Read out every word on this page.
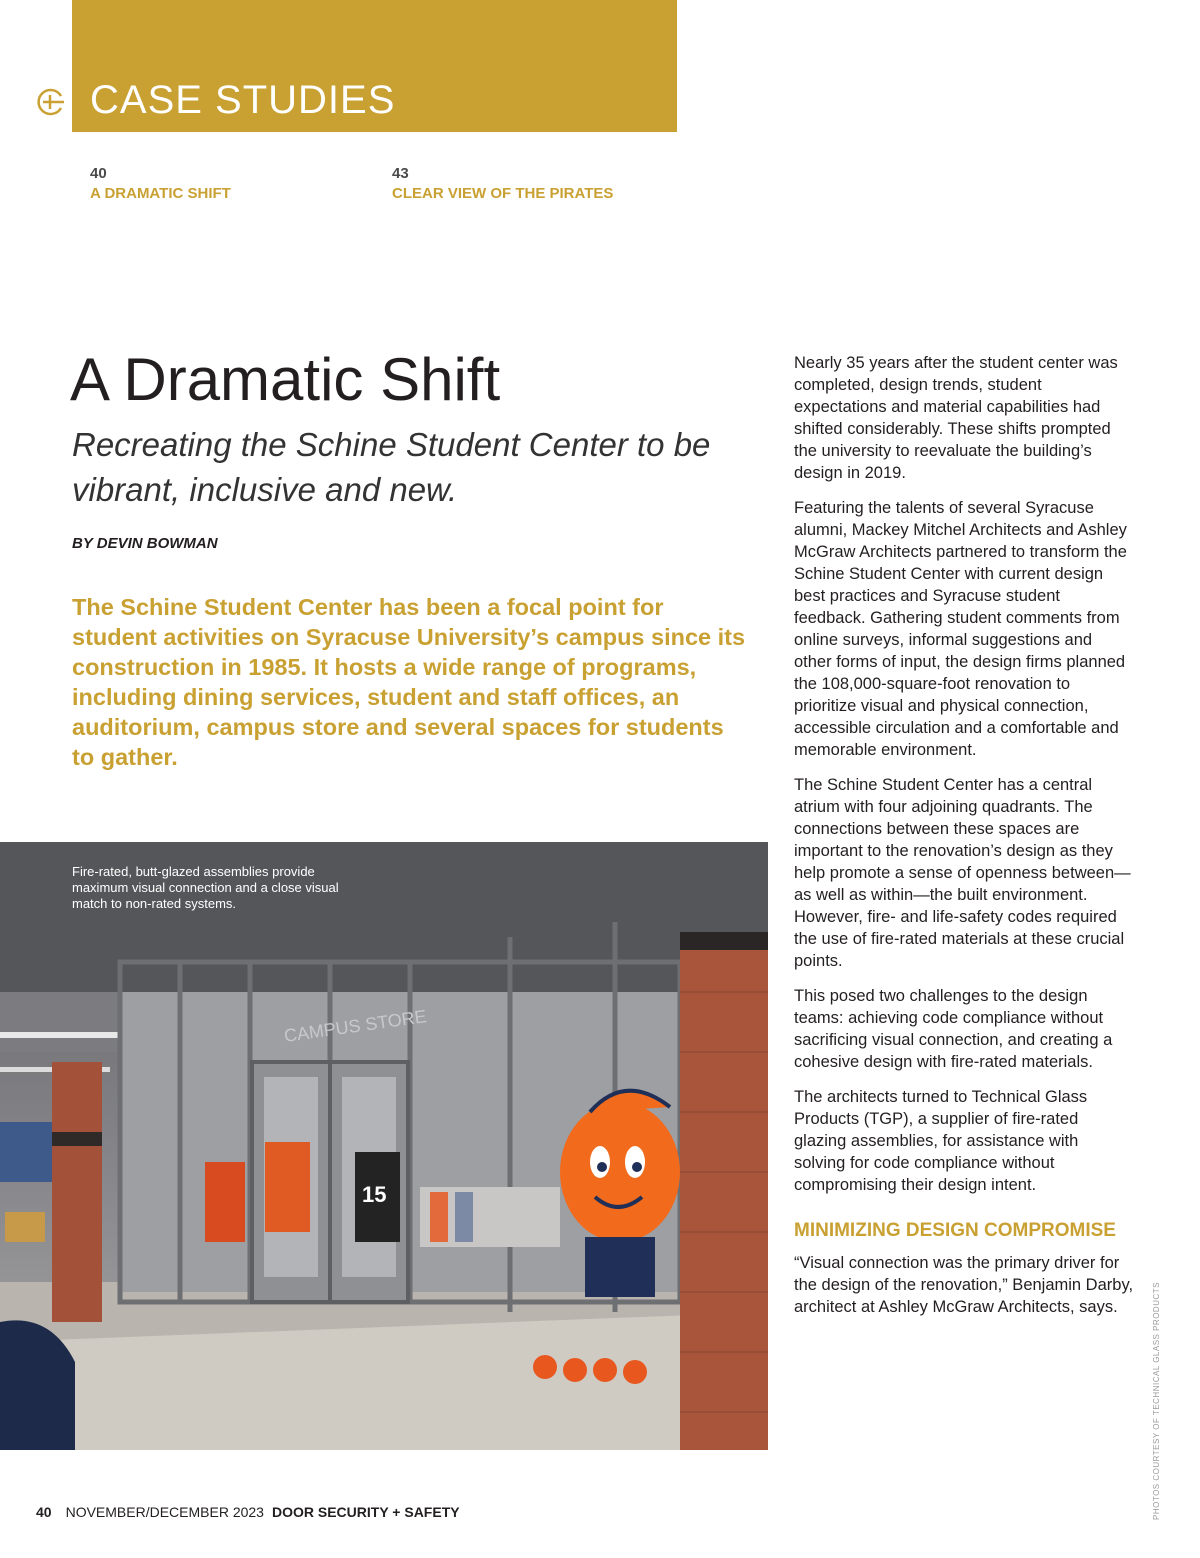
CASE STUDIES
40
A DRAMATIC SHIFT
43
CLEAR VIEW OF THE PIRATES
A Dramatic Shift
Recreating the Schine Student Center to be vibrant, inclusive and new.
BY DEVIN BOWMAN
The Schine Student Center has been a focal point for student activities on Syracuse University’s campus since its construction in 1985. It hosts a wide range of programs, including dining services, student and staff offices, an auditorium, campus store and several spaces for students to gather.
CAMPUS STORE
15
Fire-rated, butt-glazed assemblies provide maximum visual connection and a close visual match to non-rated systems.

Nearly 35 years after the student center was completed, design trends, student expectations and material capabilities had shifted considerably. These shifts prompted the university to reevaluate the building’s design in 2019.

Featuring the talents of several Syracuse alumni, Mackey Mitchel Architects and Ashley McGraw Architects partnered to transform the Schine Student Center with current design best practices and Syracuse student feedback. Gathering student comments from online surveys, informal suggestions and other forms of input, the design firms planned the 108,000-square-foot renovation to prioritize visual and physical connection, accessible circulation and a comfortable and memorable environment.

The Schine Student Center has a central atrium with four adjoining quadrants. The connections between these spaces are important to the renovation’s design as they help promote a sense of openness between—as well as within—the built environment. However, fire- and life-safety codes required the use of fire-rated materials at these crucial points.

This posed two challenges to the design teams: achieving code compliance without sacrificing visual connection, and creating a cohesive design with fire-rated materials.

The architects turned to Technical Glass Products (TGP), a supplier of fire-rated glazing assemblies, for assistance with solving for code compliance without compromising their design intent.

MINIMIZING DESIGN COMPROMISE

“Visual connection was the primary driver for the design of the renovation,” Benjamin Darby, architect at Ashley McGraw Architects, says.

40 NOVEMBER/DECEMBER 2023 DOOR SECURITY + SAFETY	PHOTOS COURTESY OF TECHNICAL GLASS PRODUCTS
